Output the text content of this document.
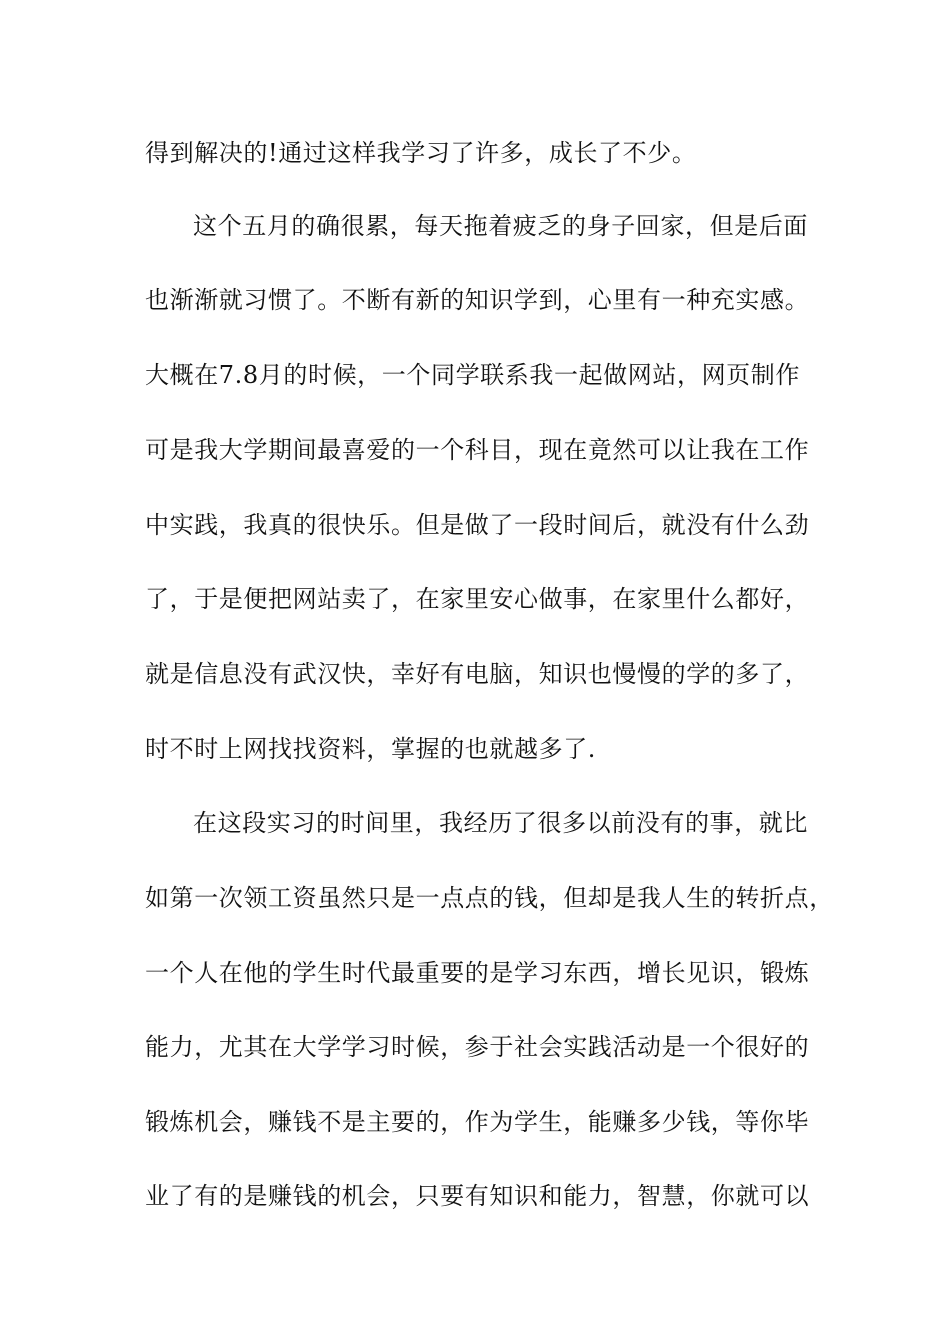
得到解决的!通过这样我学习了许多，成长了不少。
这个五月的确很累，每天拖着疲乏的身子回家，但是后面
也渐渐就习惯了。不断有新的知识学到，心里有一种充实感。
大概在7.8月的时候，一个同学联系我一起做网站，网页制作
可是我大学期间最喜爱的一个科目，现在竟然可以让我在工作
中实践，我真的很快乐。但是做了一段时间后，就没有什么劲
了，于是便把网站卖了，在家里安心做事，在家里什么都好，
就是信息没有武汉快，幸好有电脑，知识也慢慢的学的多了，
时不时上网找找资料，掌握的也就越多了.
在这段实习的时间里，我经历了很多以前没有的事，就比
如第一次领工资虽然只是一点点的钱，但却是我人生的转折点，
一个人在他的学生时代最重要的是学习东西，增长见识，锻炼
能力，尤其在大学学习时候，参于社会实践活动是一个很好的
锻炼机会，赚钱不是主要的，作为学生，能赚多少钱，等你毕
业了有的是赚钱的机会，只要有知识和能力，智慧，你就可以
